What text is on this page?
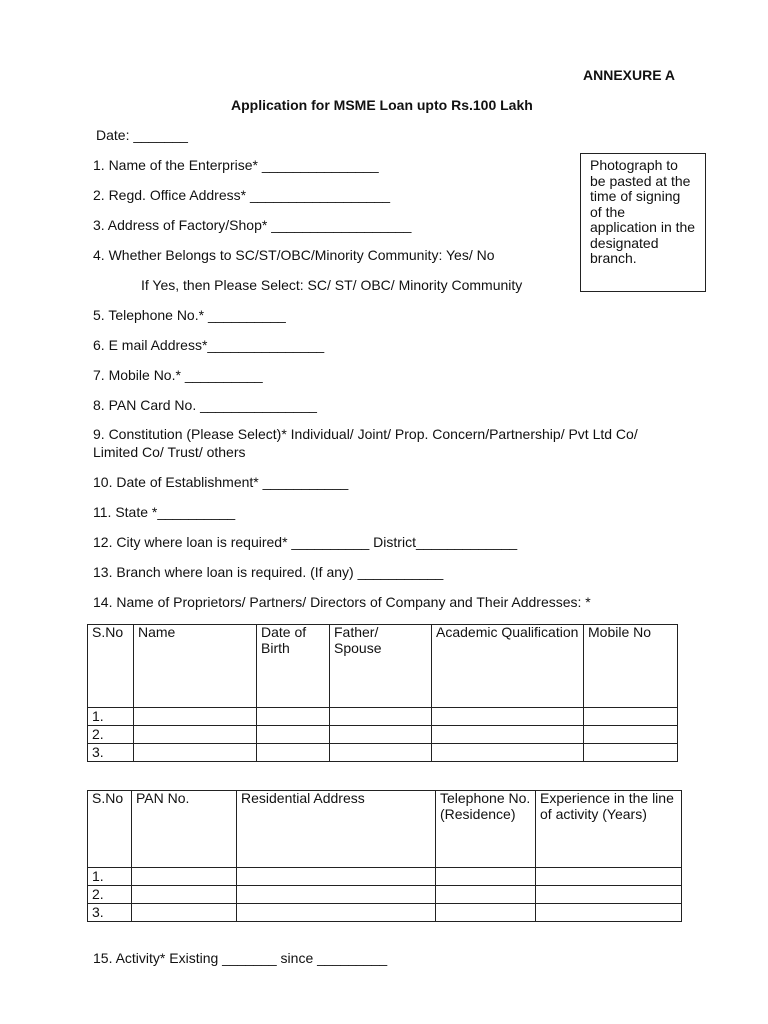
ANNEXURE A
Application for MSME Loan upto Rs.100 Lakh
Date: _______
Photograph to
be pasted at the
time of signing
of the
application in the
designated
branch.
1. Name of the Enterprise* _______________
2. Regd. Office Address* __________________
3. Address of Factory/Shop* __________________
4. Whether Belongs to SC/ST/OBC/Minority Community: Yes/ No
If Yes, then Please Select: SC/ ST/ OBC/ Minority Community
5. Telephone No.* __________
6. E mail Address*_______________
7. Mobile No.* __________
8. PAN Card No. _______________
9. Constitution (Please Select)* Individual/ Joint/ Prop. Concern/Partnership/ Pvt Ltd Co/
Limited Co/ Trust/ others
10. Date of Establishment* ___________
11. State *__________
12. City where loan is required* __________ District_____________
13. Branch where loan is required. (If any) ___________
14. Name of Proprietors/ Partners/ Directors of Company and Their Addresses: *
S.No	Name	Date of Birth	Father/ Spouse	Academic Qualification	Mobile No
1.					
2.					
3.					
S.No	PAN No.	Residential Address	Telephone No. (Residence)	Experience in the line of activity (Years)
1.				
2.				
3.				
15. Activity* Existing _______ since _________
